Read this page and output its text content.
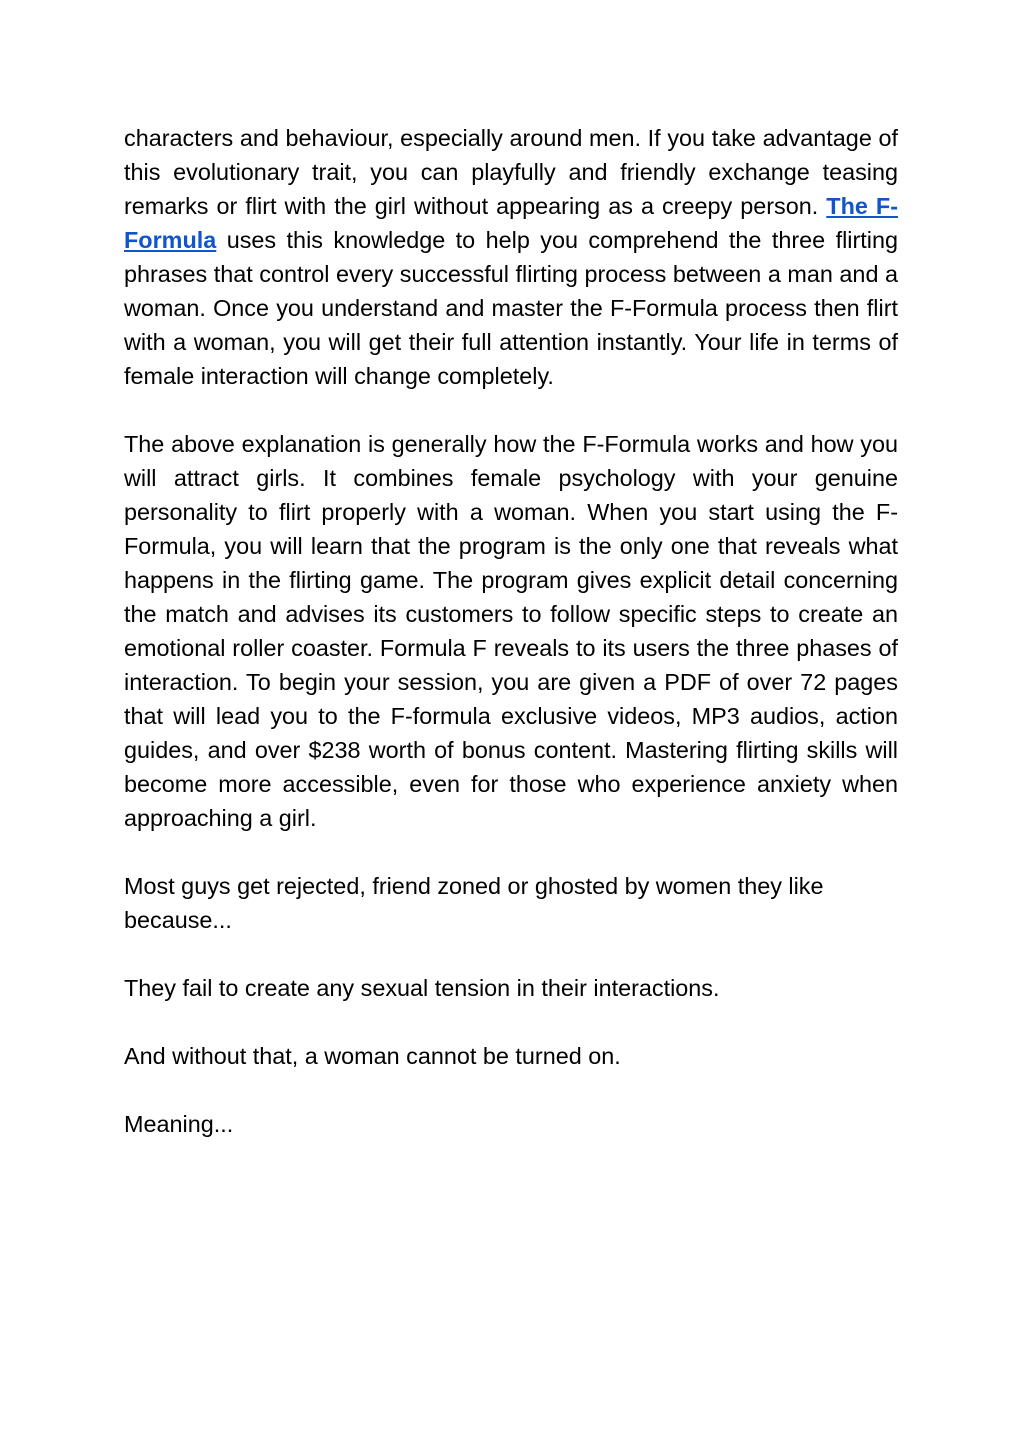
characters and behaviour, especially around men. If you take advantage of this evolutionary trait, you can playfully and friendly exchange teasing remarks or flirt with the girl without appearing as a creepy person. The F-Formula uses this knowledge to help you comprehend the three flirting phrases that control every successful flirting process between a man and a woman. Once you understand and master the F-Formula process then flirt with a woman, you will get their full attention instantly. Your life in terms of female interaction will change completely.

The above explanation is generally how the F-Formula works and how you will attract girls. It combines female psychology with your genuine personality to flirt properly with a woman. When you start using the F-Formula, you will learn that the program is the only one that reveals what happens in the flirting game. The program gives explicit detail concerning the match and advises its customers to follow specific steps to create an emotional roller coaster. Formula F reveals to its users the three phases of interaction. To begin your session, you are given a PDF of over 72 pages that will lead you to the F-formula exclusive videos, MP3 audios, action guides, and over $238 worth of bonus content. Mastering flirting skills will become more accessible, even for those who experience anxiety when approaching a girl.

Most guys get rejected, friend zoned or ghosted by women they like because...

They fail to create any sexual tension in their interactions.

And without that, a woman cannot be turned on.

Meaning...
